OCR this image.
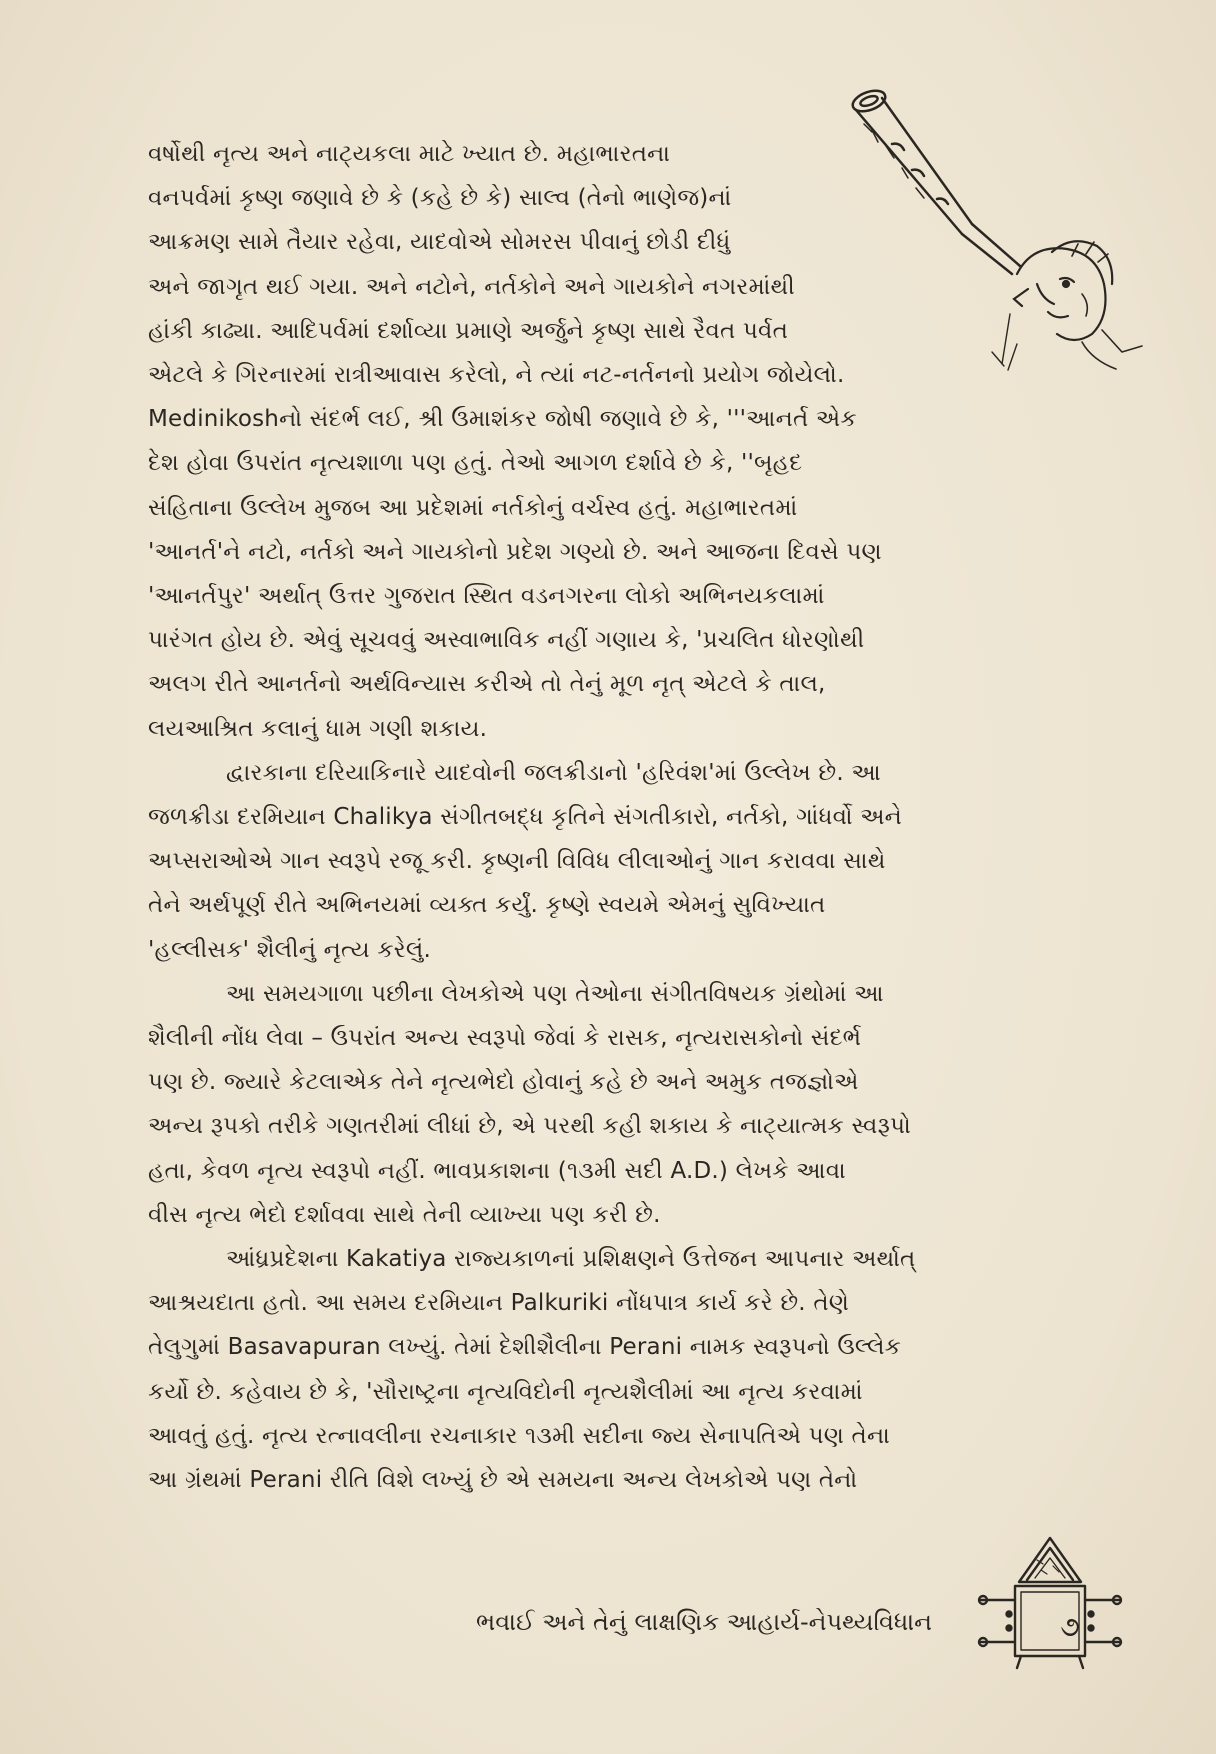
વર્ષોથી નૃત્ય અને નાટ્યકલા માટે ખ્યાત છે. મહાભારતના
વનપર્વમાં કૃષ્ણ જણાવે છે કે (કહે છે કે) સાલ્વ (તેનો ભાણેજ)નાં
આક્રમણ સામે તૈયાર રહેવા, યાદવોએ સોમરસ પીવાનું છોડી દીધું
અને જાગૃત થઈ ગયા. અને નટોને, નર્તકોને અને ગાયકોને નગરમાંથી
હાંકી કાઢ્યા. આદિપર્વમાં દર્શાવ્યા પ્રમાણે અર્જુને કૃષ્ણ સાથે રૈવત પર્વત
એટલે કે ગિરનારમાં રાત્રીઆવાસ કરેલો, ને ત્યાં નટ-નર્તનનો પ્રયોગ જોયેલો.
Medinikoshનો સંદર્ભ લઈ, શ્રી ઉમાશંકર જોષી જણાવે છે કે, '''આનર્ત એક
દેશ હોવા ઉપરાંત નૃત્યશાળા પણ હતું. તેઓ આગળ દર્શાવે છે કે, ''બૃહદ
સંહિતાના ઉલ્લેખ મુજબ આ પ્રદેશમાં નર્તકોનું વર્ચસ્વ હતું. મહાભારતમાં
'આનર્ત'ને નટો, નર્તકો અને ગાયકોનો પ્રદેશ ગણ્યો છે. અને આજના દિવસે પણ
'આનર્તપુર' અર્થાત્ ઉત્તર ગુજરાત સ્થિત વડનગરના લોકો અભિનયકલામાં
પારંગત હોય છે. એવું સૂચવવું અસ્વાભાવિક નહીં ગણાય કે, 'પ્રચલિત ધોરણોથી
અલગ રીતે આનર્તનો અર્થવિન્યાસ કરીએ તો તેનું મૂળ નૃત્ એટલે કે તાલ,
લયઆશ્રિત કલાનું ધામ ગણી શકાય.

દ્વારકાના દરિયાકિનારે યાદવોની જલક્રીડાનો 'હરિવંશ'માં ઉલ્લેખ છે. આ
જળક્રીડા દરમિયાન Chalikya સંગીતબદ્ધ કૃતિને સંગતીકારો, નર્તકો, ગાંધર્વો અને
અપ્સરાઓએ ગાન સ્વરૂપે રજૂ કરી. કૃષ્ણની વિવિધ લીલાઓનું ગાન કરાવવા સાથે
તેને અર્થપૂર્ણ રીતે અભિનયમાં વ્યક્ત કર્યું. કૃષ્ણે સ્વયમે એમનું સુવિખ્યાત
'હલ્લીસક' શૈલીનું નૃત્ય કરેલું.

આ સમયગાળા પછીના લેખકોએ પણ તેઓના સંગીતવિષયક ગ્રંથોમાં આ
શૈલીની નોંધ લેવા – ઉપરાંત અન્ય સ્વરૂપો જેવાં કે રાસક, નૃત્યરાસકોનો સંદર્ભ
પણ છે. જ્યારે કેટલાએક તેને નૃત્યભેદો હોવાનું કહે છે અને અમુક તજજ્ઞોએ
અન્ય રૂપકો તરીકે ગણતરીમાં લીધાં છે, એ પરથી કહી શકાય કે નાટ્યાત્મક સ્વરૂપો
હતા, કેવળ નૃત્ય સ્વરૂપો નહીં. ભાવપ્રકાશના (૧૩મી સદી A.D.) લેખકે આવા
વીસ નૃત્ય ભેદો દર્શાવવા સાથે તેની વ્યાખ્યા પણ કરી છે.

આંધ્રપ્રદેશના Kakatiya રાજ્યકાળનાં પ્રશિક્ષણને ઉત્તેજન આપનાર અર્થાત્
આશ્રયદાતા હતો. આ સમય દરમિયાન Palkuriki નોંધપાત્ર કાર્ય કરે છે. તેણે
તેલુગુમાં Basavapuran લખ્યું. તેમાં દેશીશૈલીના Perani નામક સ્વરૂપનો ઉલ્લેક
કર્યો છે. કહેવાય છે કે, 'સૌરાષ્ટ્રના નૃત્યવિદોની નૃત્યશૈલીમાં આ નૃત્ય કરવામાં
આવતું હતું. નૃત્ય રત્નાવલીના રચનાકાર ૧૩મી સદીના જ્ય સેનાપતિએ પણ તેના
આ ગ્રંથમાં Perani રીતિ વિશે લખ્યું છે એ સમયના અન્ય લેખકોએ પણ તેનો

ભવાઈ અને તેનું લાક્ષણિક આહાર્ય-નેપથ્યવિધાન	૭
